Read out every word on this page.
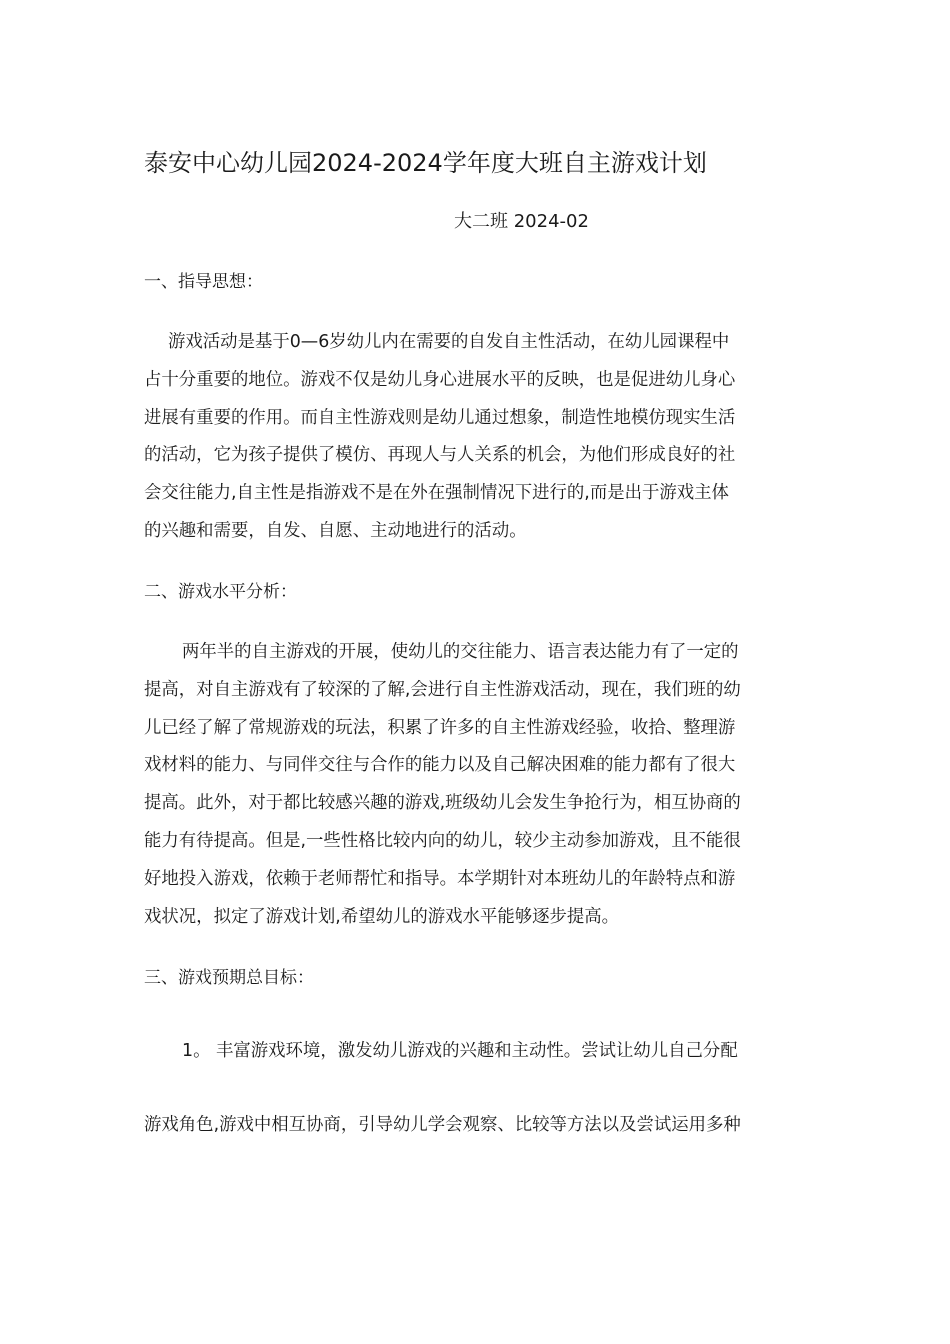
泰安中心幼儿园2024-2024学年度大班自主游戏计划
大二班 2024-02
一、指导思想：
游戏活动是基于0—6岁幼儿内在需要的自发自主性活动，在幼儿园课程中
占十分重要的地位。游戏不仅是幼儿身心进展水平的反映，也是促进幼儿身心
进展有重要的作用。而自主性游戏则是幼儿通过想象，制造性地模仿现实生活
的活动，它为孩子提供了模仿、再现人与人关系的机会，为他们形成良好的社
会交往能力,自主性是指游戏不是在外在强制情况下进行的,而是出于游戏主体
的兴趣和需要，自发、自愿、主动地进行的活动。
二、游戏水平分析：
两年半的自主游戏的开展，使幼儿的交往能力、语言表达能力有了一定的
提高，对自主游戏有了较深的了解,会进行自主性游戏活动，现在，我们班的幼
儿已经了解了常规游戏的玩法，积累了许多的自主性游戏经验，收拾、整理游
戏材料的能力、与同伴交往与合作的能力以及自己解决困难的能力都有了很大
提高。此外，对于都比较感兴趣的游戏,班级幼儿会发生争抢行为，相互协商的
能力有待提高。但是,一些性格比较内向的幼儿，较少主动参加游戏，且不能很
好地投入游戏，依赖于老师帮忙和指导。本学期针对本班幼儿的年龄特点和游
戏状况，拟定了游戏计划,希望幼儿的游戏水平能够逐步提高。
三、游戏预期总目标：
1。 丰富游戏环境，激发幼儿游戏的兴趣和主动性。尝试让幼儿自己分配
游戏角色,游戏中相互协商，引导幼儿学会观察、比较等方法以及尝试运用多种
